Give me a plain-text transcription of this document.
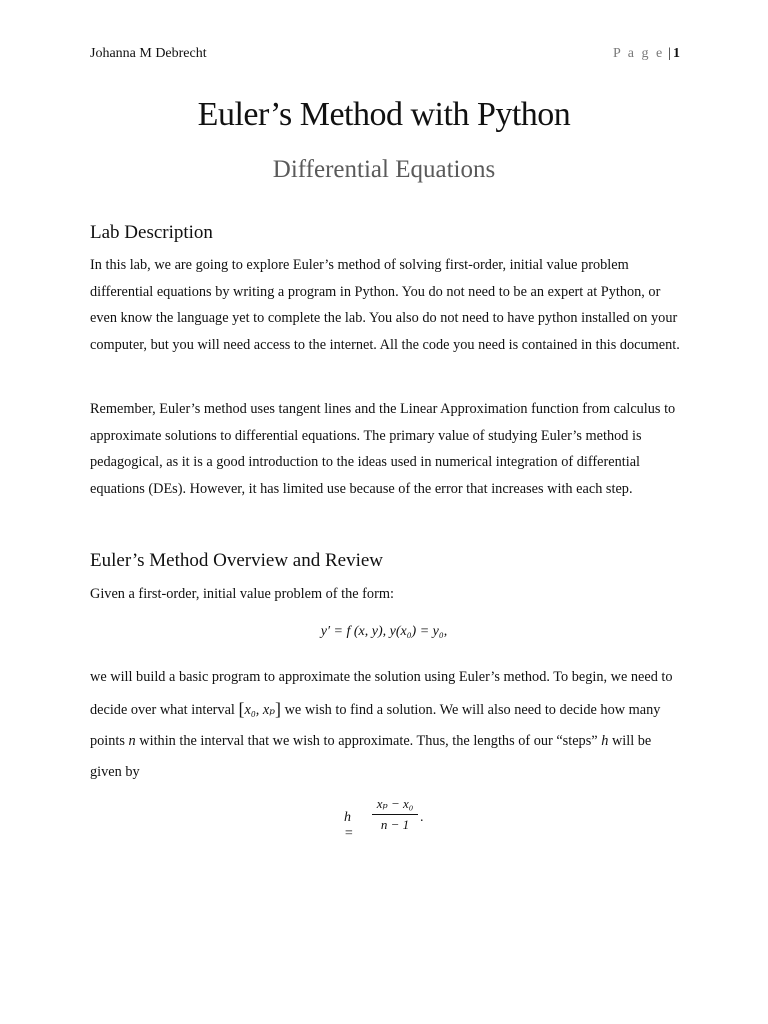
Johanna M Debrecht	P a g e | 1
Euler’s Method with Python
Differential Equations
Lab Description
In this lab, we are going to explore Euler’s method of solving first-order, initial value problem differential equations by writing a program in Python. You do not need to be an expert at Python, or even know the language yet to complete the lab. You also do not need to have python installed on your computer, but you will need access to the internet. All the code you need is contained in this document.
Remember, Euler’s method uses tangent lines and the Linear Approximation function from calculus to approximate solutions to differential equations. The primary value of studying Euler’s method is pedagogical, as it is a good introduction to the ideas used in numerical integration of differential equations (DEs). However, it has limited use because of the error that increases with each step.
Euler’s Method Overview and Review
Given a first-order, initial value problem of the form:
y′ = f (x, y), y(x₀) = y₀,
we will build a basic program to approximate the solution using Euler’s method. To begin, we need to decide over what interval [x₀, xₚ] we wish to find a solution. We will also need to decide how many points n within the interval that we wish to approximate. Thus, the lengths of our “steps” h will be given by
h =
$\frac{\text{xₚ − x₀}}{n - 1}$ .
